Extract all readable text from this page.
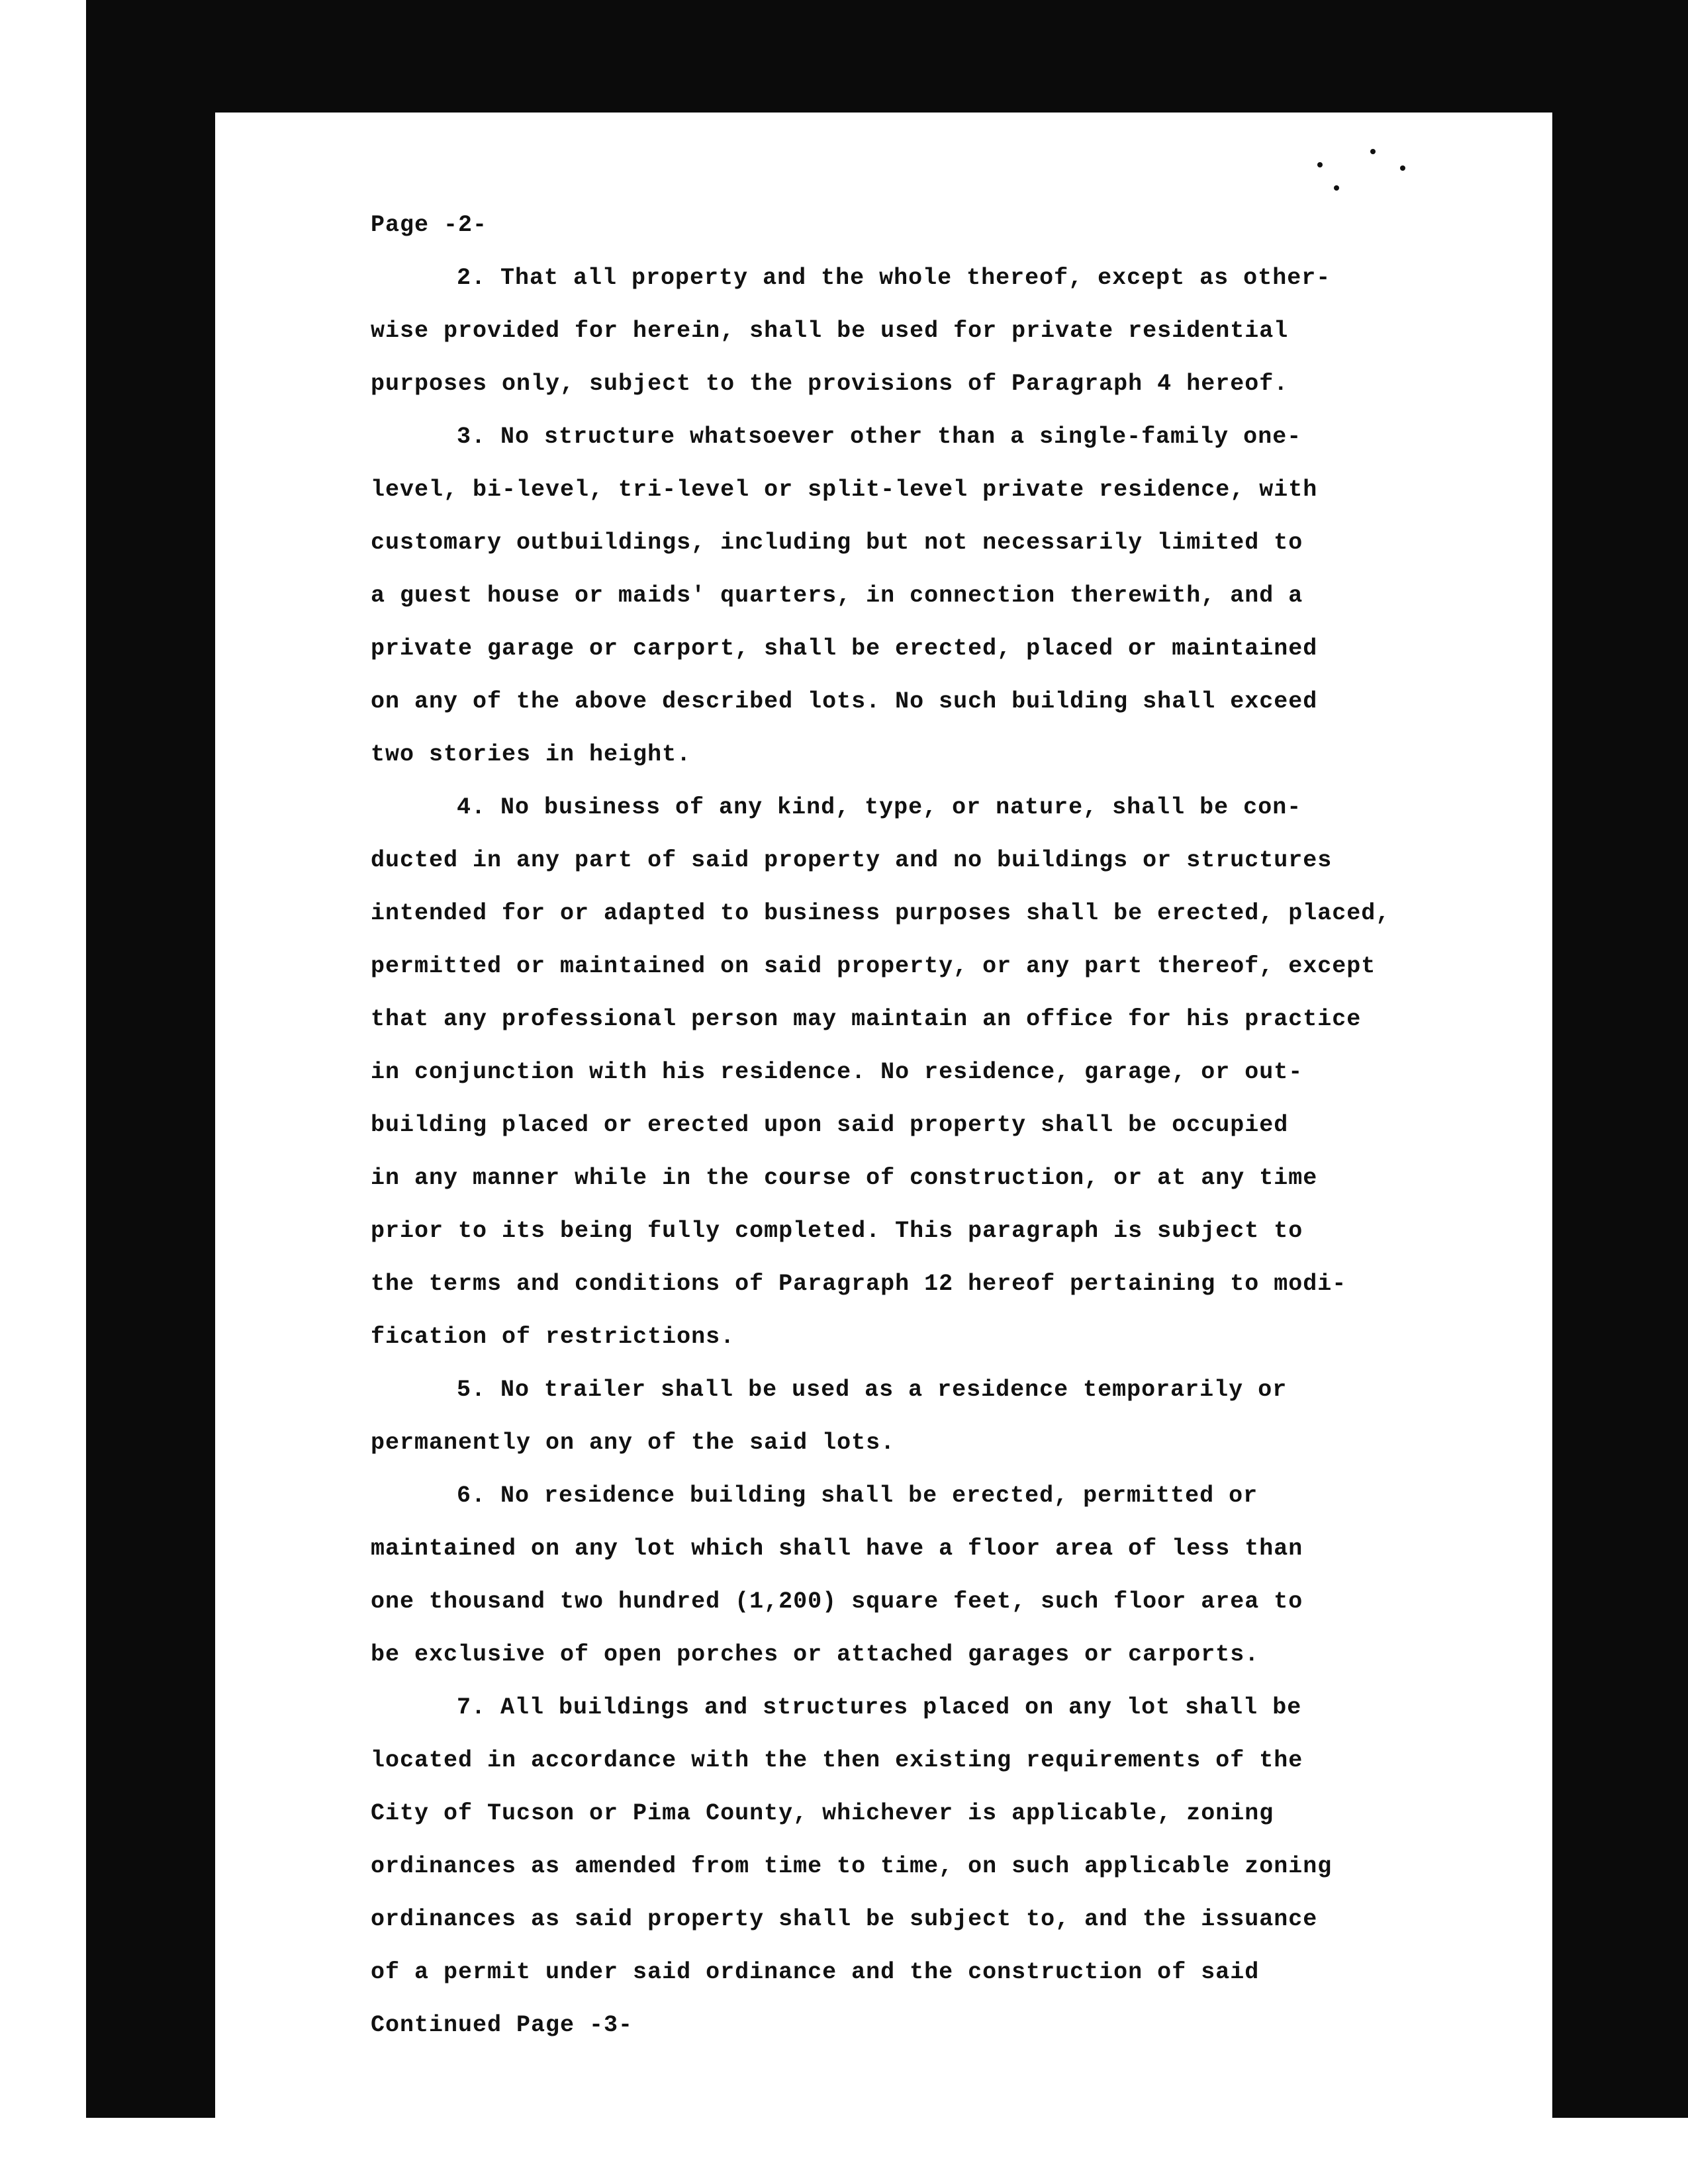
Page -2-
2. That all property and the whole thereof, except as other-
wise provided for herein, shall be used for private residential
purposes only, subject to the provisions of Paragraph 4 hereof.
3. No structure whatsoever other than a single-family one-
level, bi-level, tri-level or split-level private residence, with
customary outbuildings, including but not necessarily limited to
a guest house or maids' quarters, in connection therewith, and a
private garage or carport, shall be erected, placed or maintained
on any of the above described lots. No such building shall exceed
two stories in height.
4. No business of any kind, type, or nature, shall be con-
ducted in any part of said property and no buildings or structures
intended for or adapted to business purposes shall be erected, placed,
permitted or maintained on said property, or any part thereof, except
that any professional person may maintain an office for his practice
in conjunction with his residence. No residence, garage, or out-
building placed or erected upon said property shall be occupied
in any manner while in the course of construction, or at any time
prior to its being fully completed. This paragraph is subject to
the terms and conditions of Paragraph 12 hereof pertaining to modi-
fication of restrictions.
5. No trailer shall be used as a residence temporarily or
permanently on any of the said lots.
6. No residence building shall be erected, permitted or
maintained on any lot which shall have a floor area of less than
one thousand two hundred (1,200) square feet, such floor area to
be exclusive of open porches or attached garages or carports.
7. All buildings and structures placed on any lot shall be
located in accordance with the then existing requirements of the
City of Tucson or Pima County, whichever is applicable, zoning
ordinances as amended from time to time, on such applicable zoning
ordinances as said property shall be subject to, and the issuance
of a permit under said ordinance and the construction of said
Continued Page -3-
